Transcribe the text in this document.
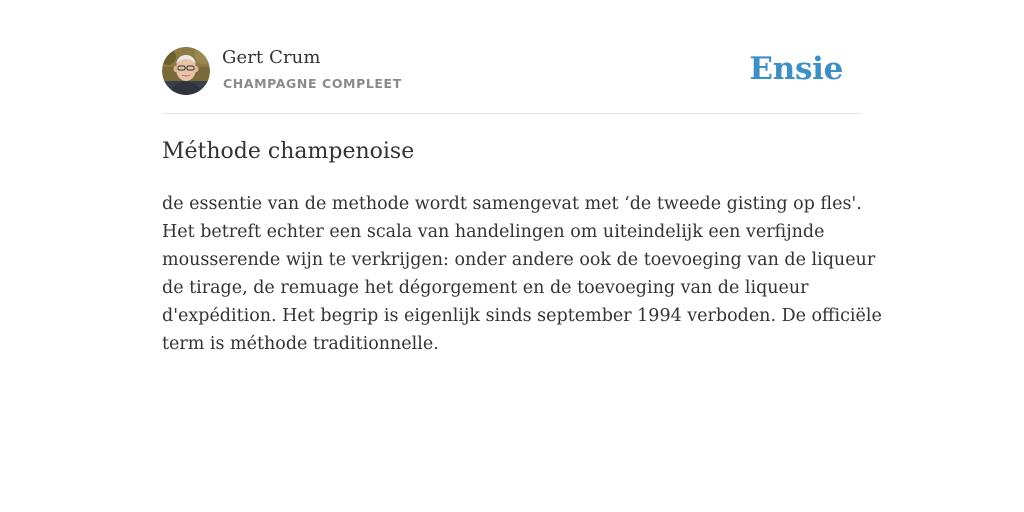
Gert Crum
CHAMPAGNE COMPLEET	Ensie
Méthode champenoise

de essentie van de methode wordt samengevat met ‘de tweede gisting op fles'.
Het betreft echter een scala van handelingen om uiteindelijk een verfijnde
mousserende wijn te verkrijgen: onder andere ook de toevoeging van de liqueur
de tirage, de remuage het dégorgement en de toevoeging van de liqueur
d'expédition. Het begrip is eigenlijk sinds september 1994 verboden. De officiële
term is méthode traditionnelle.
